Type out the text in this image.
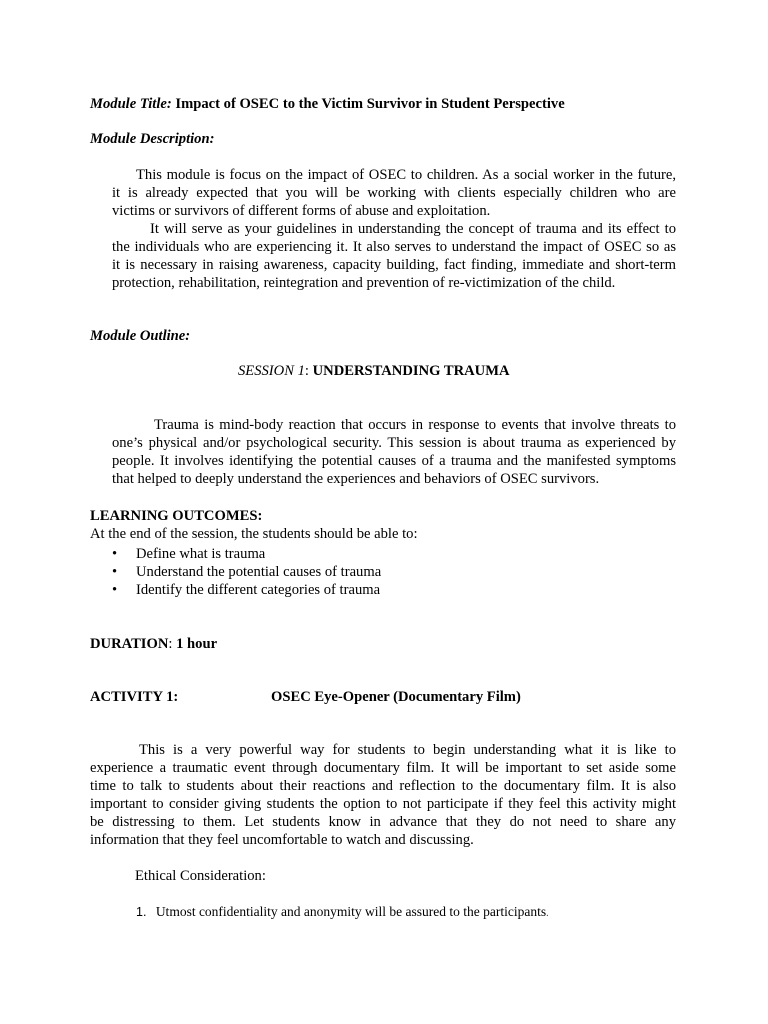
Module Title: Impact of OSEC to the Victim Survivor in Student Perspective
Module Description:
This module is focus on the impact of OSEC to children. As a social worker in the future,
it is already expected that you will be working with clients especially children who are
victims or survivors of different forms of abuse and exploitation.
It will serve as your guidelines in understanding the concept of trauma and its effect to
the individuals who are experiencing it. It also serves to understand the impact of OSEC so as
it is necessary in raising awareness, capacity building, fact finding, immediate and short-term
protection, rehabilitation, reintegration and prevention of re-victimization of the child.
Module Outline:
SESSION 1: UNDERSTANDING TRAUMA
Trauma is mind-body reaction that occurs in response to events that involve threats to
one’s physical and/or psychological security. This session is about trauma as experienced by
people. It involves identifying the potential causes of a trauma and the manifested symptoms
that helped to deeply understand the experiences and behaviors of OSEC survivors.
LEARNING OUTCOMES:
At the end of the session, the students should be able to:
•	Define what is trauma
•	Understand the potential causes of trauma
•	Identify the different categories of trauma
DURATION: 1 hour
ACTIVITY 1:	OSEC Eye-Opener (Documentary Film)
This is a very powerful way for students to begin understanding what it is like to
experience a traumatic event through documentary film. It will be important to set aside some
time to talk to students about their reactions and reflection to the documentary film. It is also
important to consider giving students the option to not participate if they feel this activity might
be distressing to them. Let students know in advance that they do not need to share any
information that they feel uncomfortable to watch and discussing.
Ethical Consideration:
1. Utmost confidentiality and anonymity will be assured to the participants.
